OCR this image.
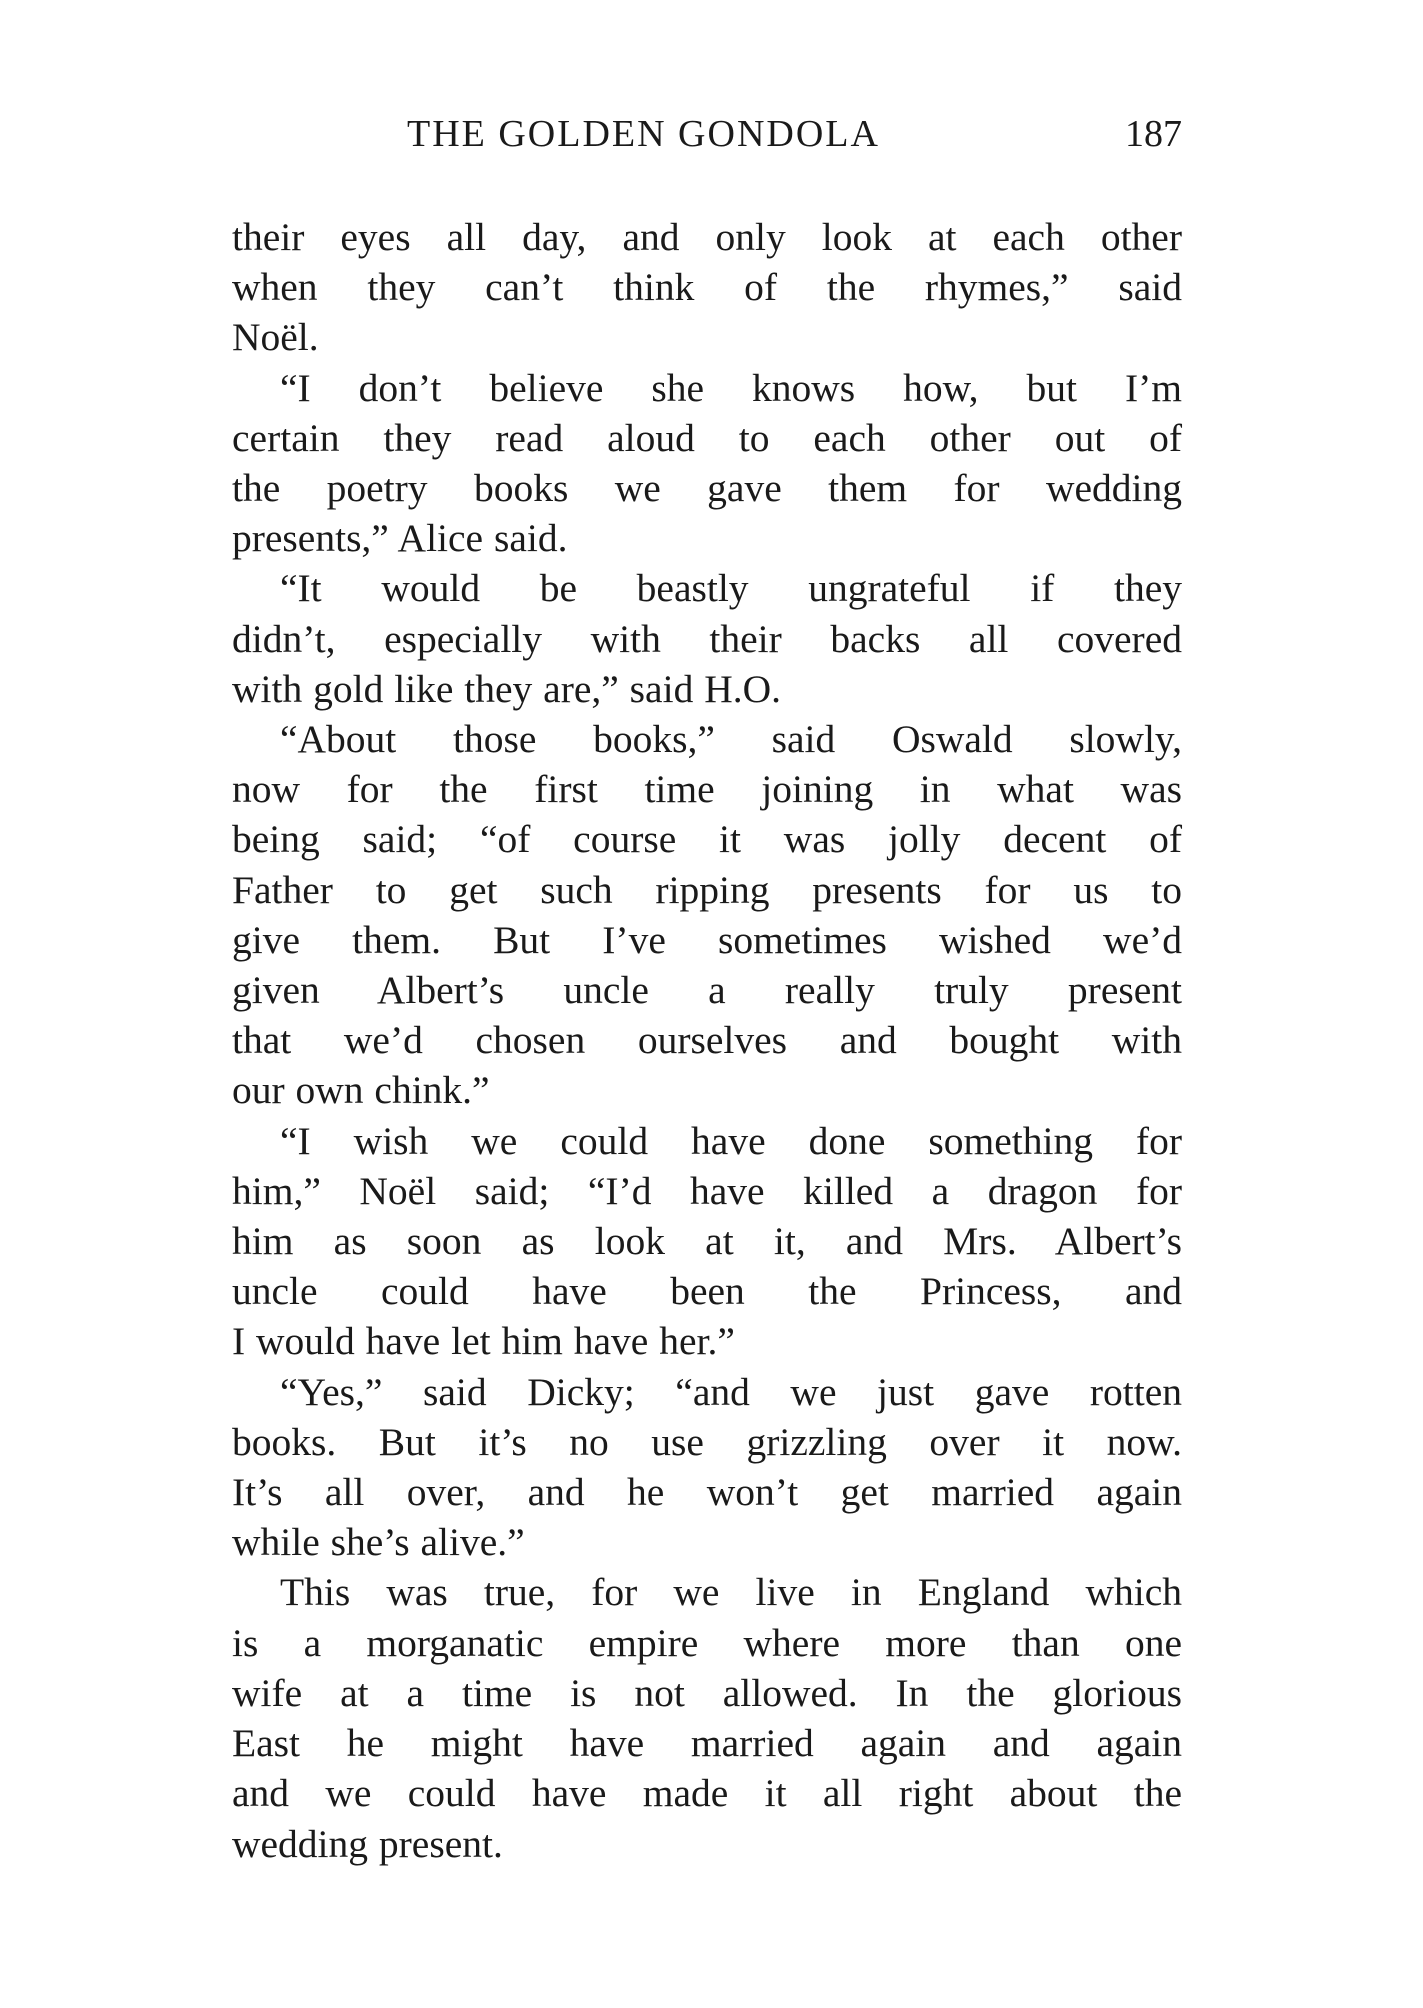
THE GOLDEN GONDOLA	187

their eyes all day, and only look at each other
when they can’t think of the rhymes,” said
Noël.

“I don’t believe she knows how, but I’m
certain they read aloud to each other out of
the poetry books we gave them for wedding
presents,” Alice said.

“It would be beastly ungrateful if they
didn’t, especially with their backs all covered
with gold like they are,” said H.O.

“About those books,” said Oswald slowly,
now for the first time joining in what was
being said; “of course it was jolly decent of
Father to get such ripping presents for us to
give them. But I’ve sometimes wished we’d
given Albert’s uncle a really truly present
that we’d chosen ourselves and bought with
our own chink.”

“I wish we could have done something for
him,” Noël said; “I’d have killed a dragon for
him as soon as look at it, and Mrs. Albert’s
uncle could have been the Princess, and
I would have let him have her.”

“Yes,” said Dicky; “and we just gave rotten
books. But it’s no use grizzling over it now.
It’s all over, and he won’t get married again
while she’s alive.”

This was true, for we live in England which
is a morganatic empire where more than one
wife at a time is not allowed. In the glorious
East he might have married again and again
and we could have made it all right about the
wedding present.
